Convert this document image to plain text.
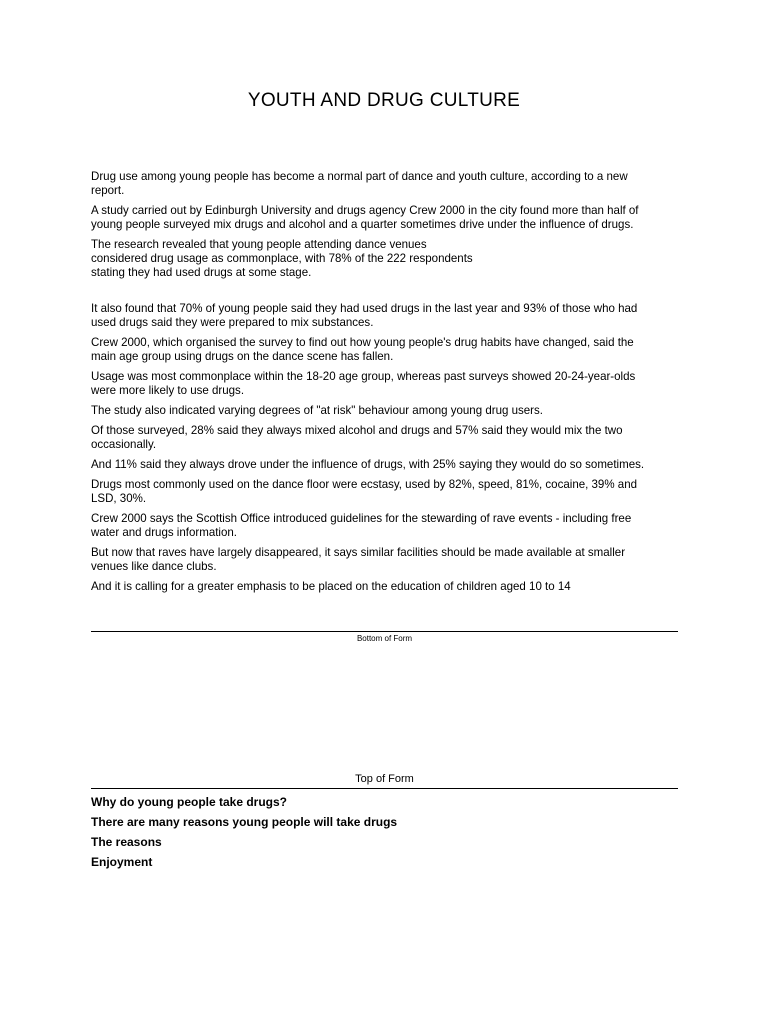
YOUTH AND DRUG CULTURE

Drug use among young people has become a normal part of dance and youth culture, according to a new report.

A study carried out by Edinburgh University and drugs agency Crew 2000 in the city found more than half of young people surveyed mix drugs and alcohol and a quarter sometimes drive under the influence of drugs.

The research revealed that young people attending dance venues
considered drug usage as commonplace, with 78% of the 222 respondents
stating they had used drugs at some stage.

It also found that 70% of young people said they had used drugs in the last year and 93% of those who had used drugs said they were prepared to mix substances.

Crew 2000, which organised the survey to find out how young people's drug habits have changed, said the main age group using drugs on the dance scene has fallen.

Usage was most commonplace within the 18-20 age group, whereas past surveys showed 20-24-year-olds were more likely to use drugs.

The study also indicated varying degrees of "at risk" behaviour among young drug users.

Of those surveyed, 28% said they always mixed alcohol and drugs and 57% said they would mix the two occasionally.

And 11% said they always drove under the influence of drugs, with 25% saying they would do so sometimes.

Drugs most commonly used on the dance floor were ecstasy, used by 82%, speed, 81%, cocaine, 39% and LSD, 30%.

Crew 2000 says the Scottish Office introduced guidelines for the stewarding of rave events - including free water and drugs information.

But now that raves have largely disappeared, it says similar facilities should be made available at smaller venues like dance clubs.

And it is calling for a greater emphasis to be placed on the education of children aged 10 to 14

Bottom of Form
Top of Form
Why do young people take drugs?
There are many reasons young people will take drugs
The reasons
Enjoyment
